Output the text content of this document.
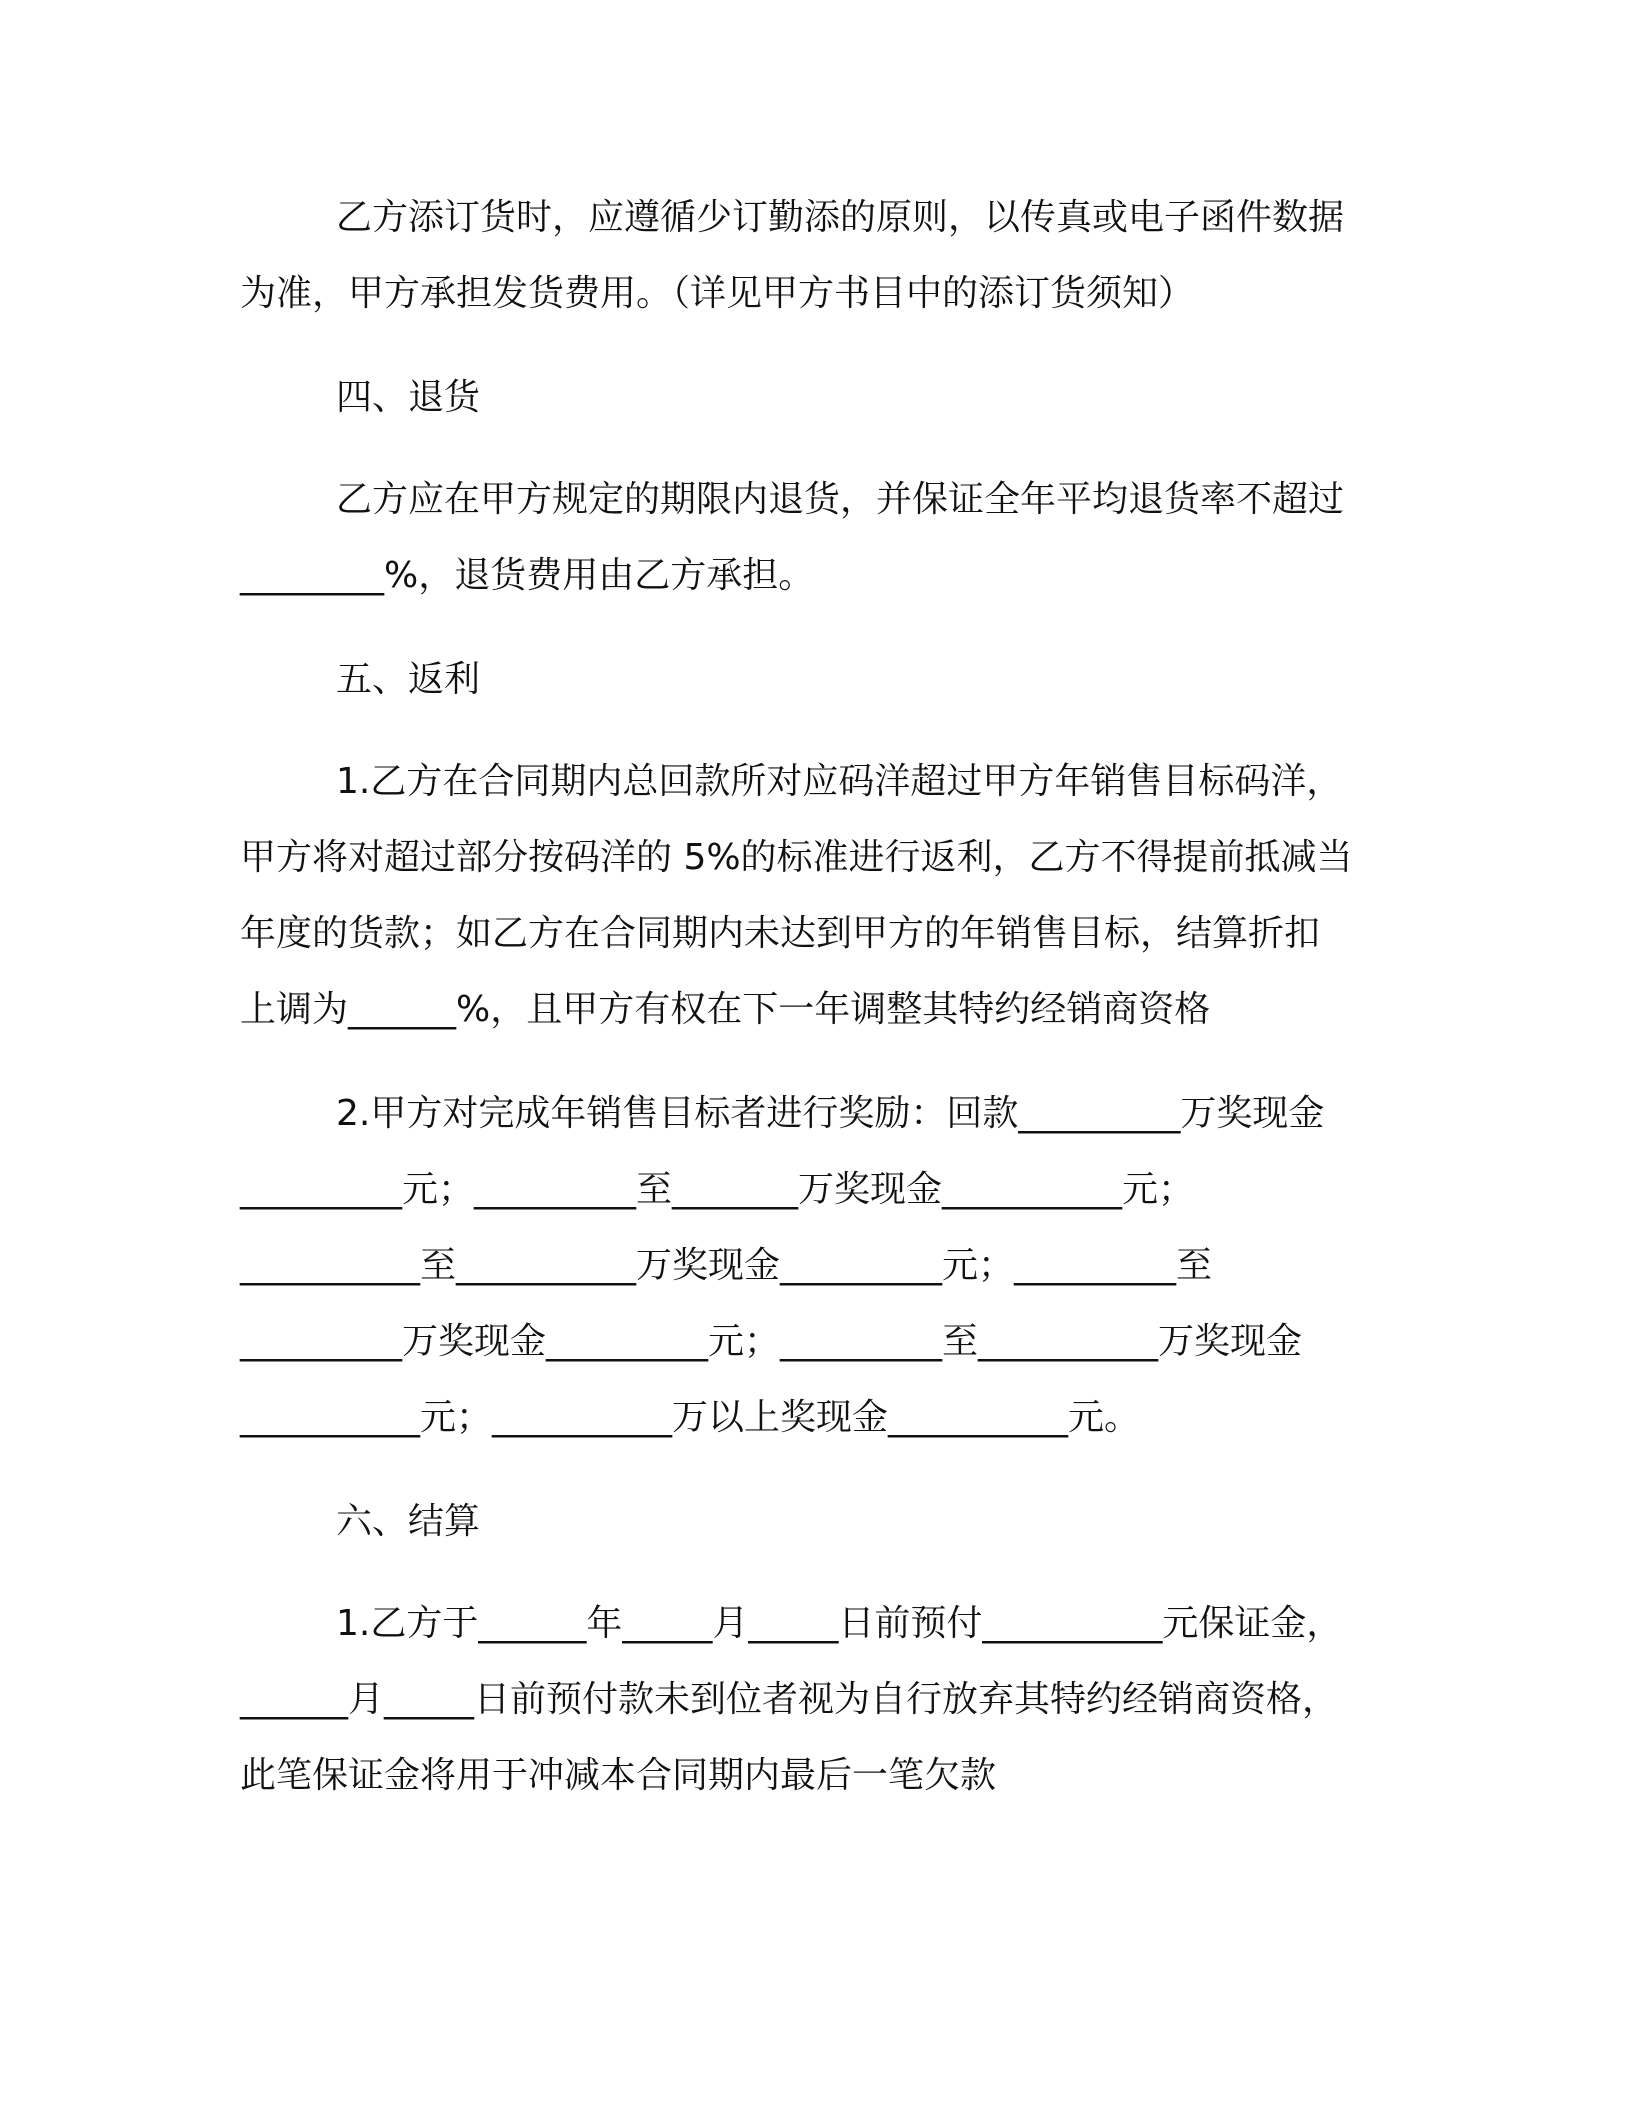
乙方添订货时，应遵循少订勤添的原则，以传真或电子函件数据
为准，甲方承担发货费用。（详见甲方书目中的添订货须知）
四、退货
乙方应在甲方规定的期限内退货，并保证全年平均退货率不超过
________%，退货费用由乙方承担。
五、返利
1.乙方在合同期内总回款所对应码洋超过甲方年销售目标码洋，
甲方将对超过部分按码洋的 5%的标准进行返利，乙方不得提前抵减当
年度的货款；如乙方在合同期内未达到甲方的年销售目标，结算折扣
上调为______%，且甲方有权在下一年调整其特约经销商资格
2.甲方对完成年销售目标者进行奖励：回款_________万奖现金
_________元；_________至_______万奖现金__________元；
__________至__________万奖现金_________元；_________至
_________万奖现金_________元；_________至__________万奖现金
__________元；__________万以上奖现金__________元。
六、结算
1.乙方于______年_____月_____日前预付__________元保证金，
______月_____日前预付款未到位者视为自行放弃其特约经销商资格，
此笔保证金将用于冲减本合同期内最后一笔欠款
